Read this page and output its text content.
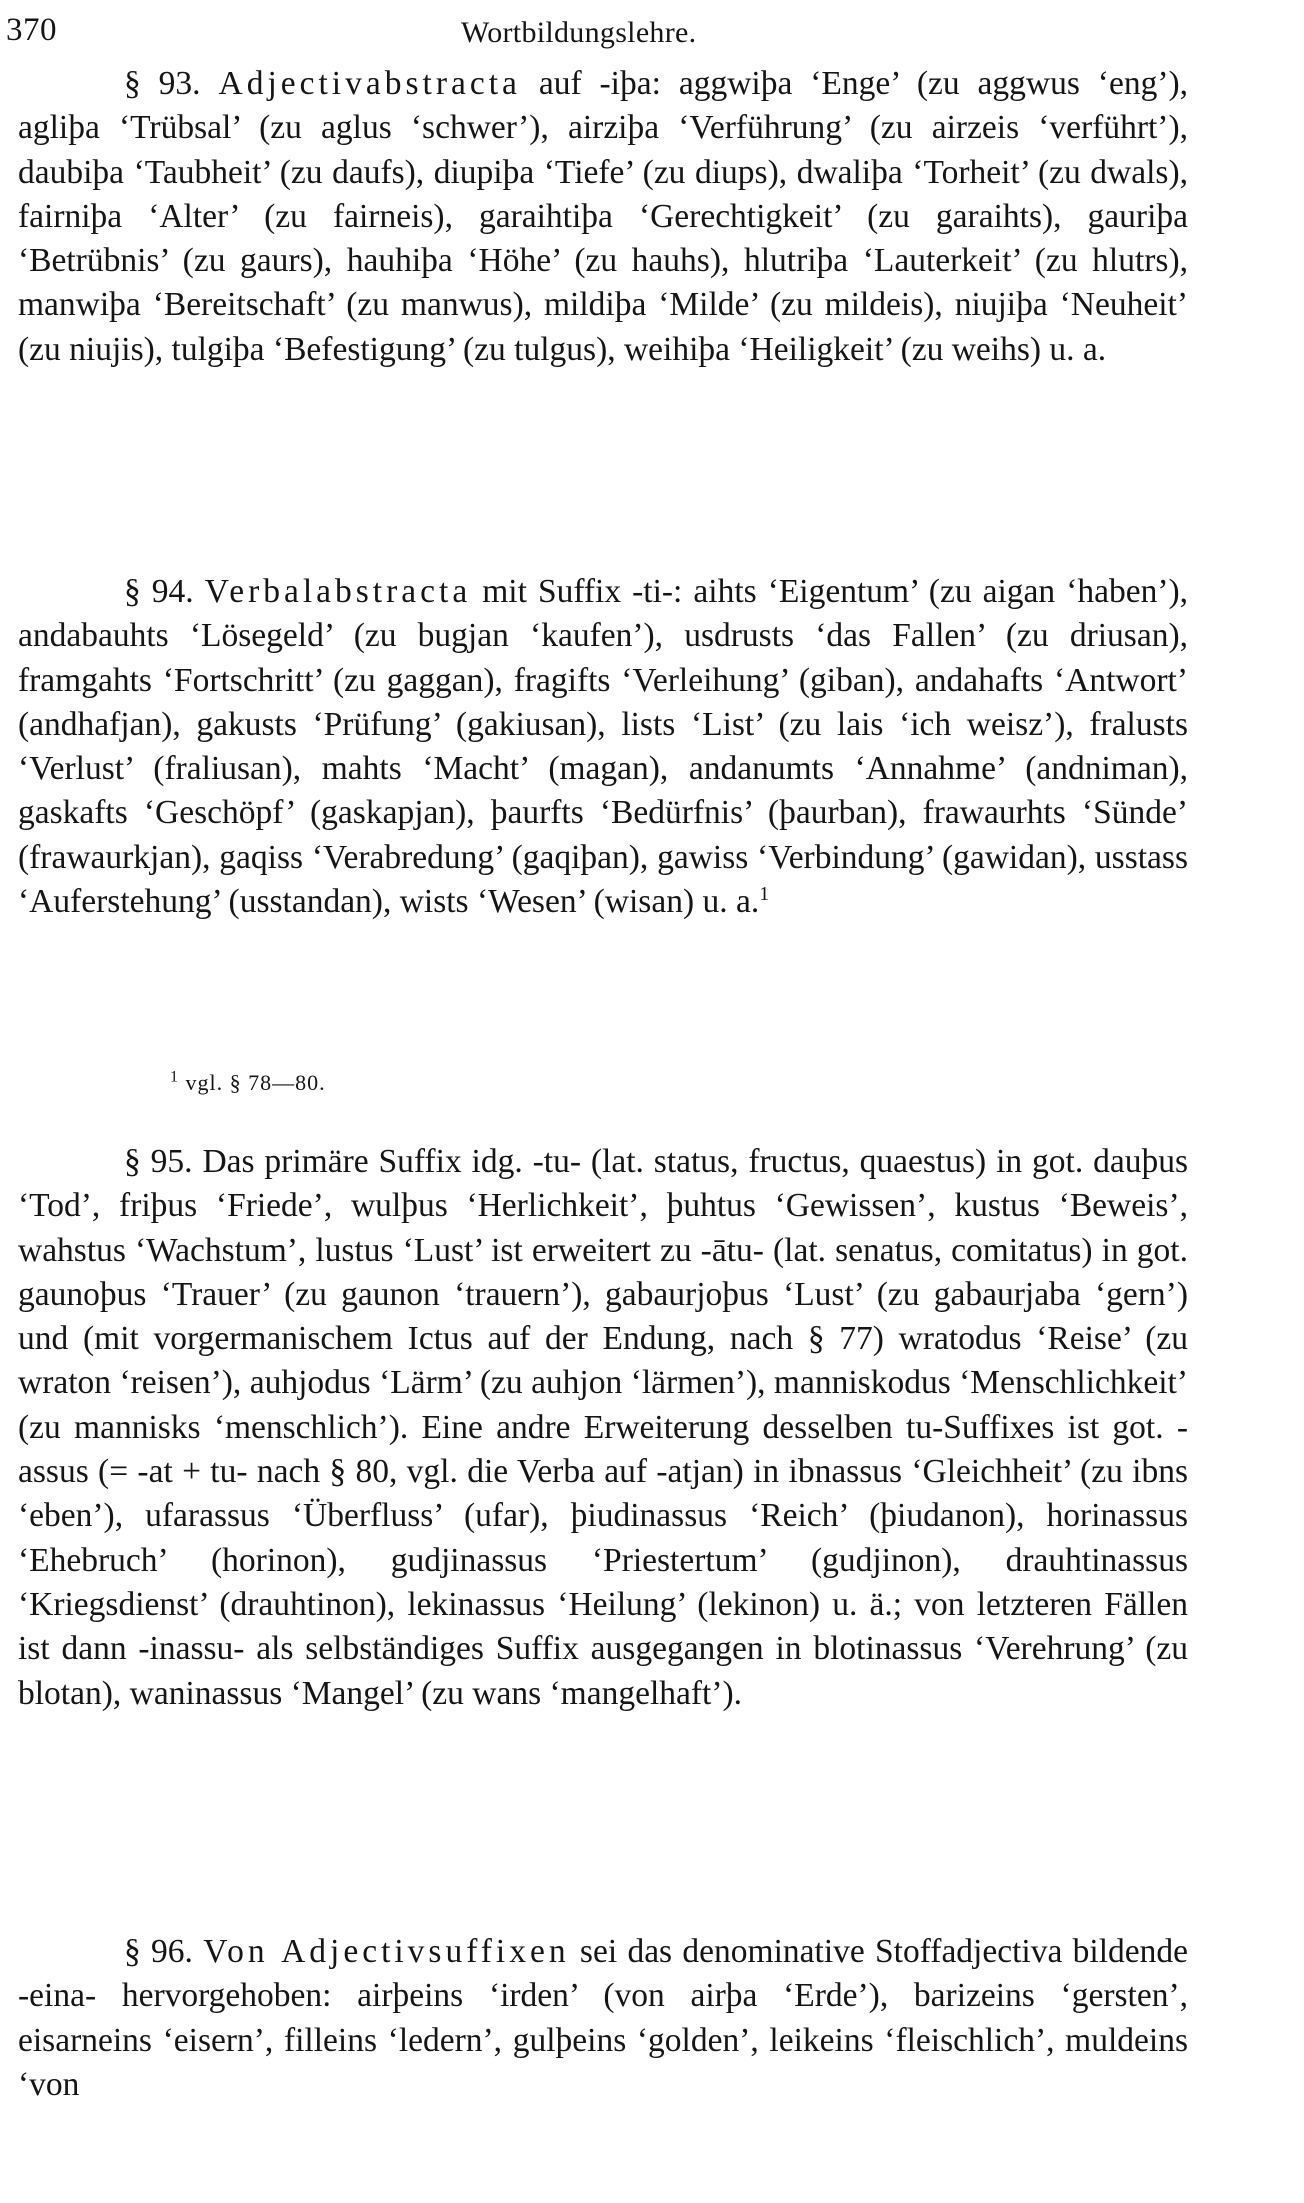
370	Wortbildungslehre.

§ 93. Adjectivabstracta auf -iþa: aggwiþa ‘Enge’ (zu aggwus ‘eng’), agliþa ‘Trübsal’ (zu aglus ‘schwer’), airziþa ‘Verführung’ (zu airzeis ‘verführt’), daubiþa ‘Taubheit’ (zu daufs), diupiþa ‘Tiefe’ (zu diups), dwaliþa ‘Torheit’ (zu dwals), fairniþa ‘Alter’ (zu fairneis), garaihtiþa ‘Gerechtigkeit’ (zu garaihts), gauriþa ‘Betrübnis’ (zu gaurs), hauhiþa ‘Höhe’ (zu hauhs), hlutriþa ‘Lauterkeit’ (zu hlutrs), manwiþa ‘Bereitschaft’ (zu manwus), mildiþa ‘Milde’ (zu mildeis), niujiþa ‘Neuheit’ (zu niujis), tulgiþa ‘Befestigung’ (zu tulgus), weihiþa ‘Heiligkeit’ (zu weihs) u. a.

§ 94. Verbalabstracta mit Suffix -ti-: aihts ‘Eigentum’ (zu aigan ‘haben’), andabauhts ‘Lösegeld’ (zu bugjan ‘kaufen’), usdrusts ‘das Fallen’ (zu driusan), framgahts ‘Fortschritt’ (zu gaggan), fragifts ‘Verleihung’ (giban), andahafts ‘Antwort’ (andhafjan), gakusts ‘Prüfung’ (gakiusan), lists ‘List’ (zu lais ‘ich weisz’), fralusts ‘Verlust’ (fraliusan), mahts ‘Macht’ (magan), andanumts ‘Annahme’ (andniman), gaskafts ‘Geschöpf’ (gaskapjan), þaurfts ‘Bedürfnis’ (þaurban), frawaurhts ‘Sünde’ (frawaurkjan), gaqiss ‘Verabredung’ (gaqiþan), gawiss ‘Verbindung’ (gawidan), usstass ‘Auferstehung’ (usstandan), wists ‘Wesen’ (wisan) u. a.$^1$

$^1$ vgl. § 78—80.

§ 95. Das primäre Suffix idg. -tu- (lat. status, fructus, quaestus) in got. dauþus ‘Tod’, friþus ‘Friede’, wulþus ‘Herlichkeit’, þuhtus ‘Gewissen’, kustus ‘Beweis’, wahstus ‘Wachstum’, lustus ‘Lust’ ist erweitert zu -ātu- (lat. senatus, comitatus) in got. gaunoþus ‘Trauer’ (zu gaunon ‘trauern’), gabaurjoþus ‘Lust’ (zu gabaurjaba ‘gern’) und (mit vorgermanischem Ictus auf der Endung, nach § 77) wratodus ‘Reise’ (zu wraton ‘reisen’), auhjodus ‘Lärm’ (zu auhjon ‘lärmen’), manniskodus ‘Menschlichkeit’ (zu mannisks ‘menschlich’). Eine andre Erweiterung desselben tu-Suffixes ist got. -assus (= -at + tu- nach § 80, vgl. die Verba auf -atjan) in ibnassus ‘Gleichheit’ (zu ibns ‘eben’), ufarassus ‘Überfluss’ (ufar), þiudinassus ‘Reich’ (þiudanon), horinassus ‘Ehebruch’ (horinon), gudjinassus ‘Priestertum’ (gudjinon), drauhtinassus ‘Kriegsdienst’ (drauhtinon), lekinassus ‘Heilung’ (lekinon) u. ä.; von letzteren Fällen ist dann -inassu- als selbständiges Suffix ausgegangen in blotinassus ‘Verehrung’ (zu blotan), waninassus ‘Mangel’ (zu wans ‘mangelhaft’).

§ 96. Von Adjectivsuffixen sei das denominative Stoffadjectiva bildende -eina- hervorgehoben: airþeins ‘irden’ (von airþa ‘Erde’), barizeins ‘gersten’, eisarneins ‘eisern’, filleins ‘ledern’, gulþeins ‘golden’, leikeins ‘fleischlich’, muldeins ‘von
